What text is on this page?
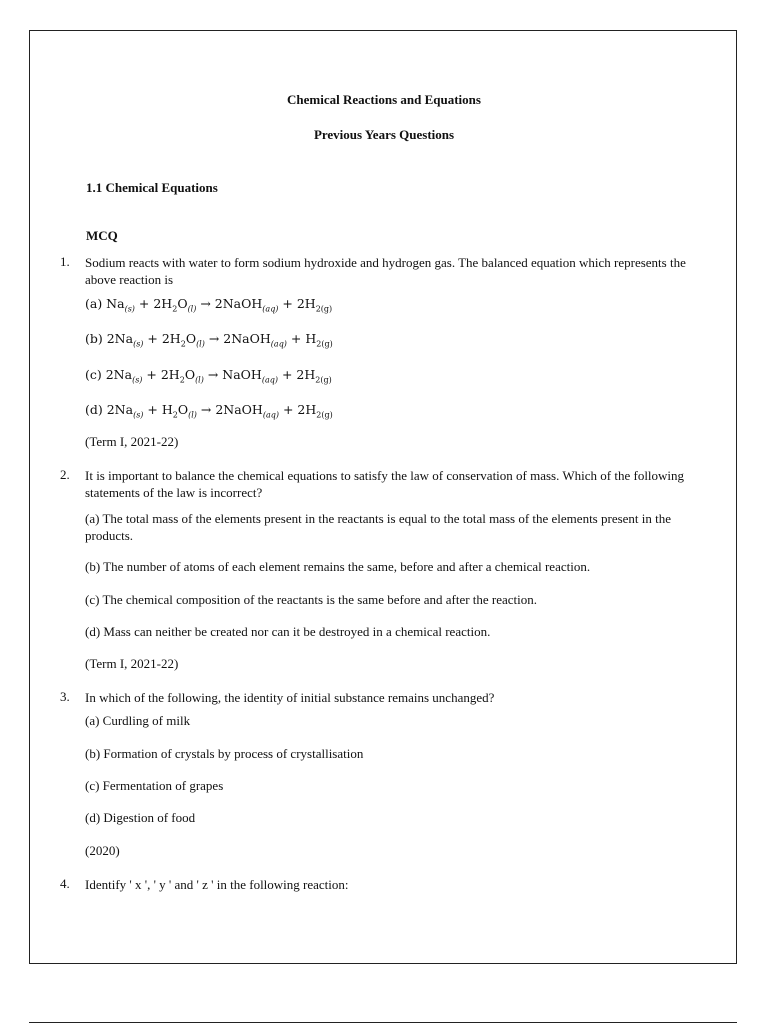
Chemical Reactions and Equations
Previous Years Questions
1.1 Chemical Equations
MCQ
1. Sodium reacts with water to form sodium hydroxide and hydrogen gas. The balanced equation which represents the above reaction is
(a) $Na_{(s)} + 2H_2O_{(l)}$ → 2NaOH$_{(aq)}$ + $2H_{2(g)}$
(b) $2Na_{(s)} + 2H_2O_{(l)}$ → 2NaOH$_{(aq)}$ + $H_{2(g)}$
(c) $2Na_{(s)} + 2H_2O_{(l)}$ → NaOH$_{(aq)}$ + $2H_{2(g)}$
(d) $2Na_{(s)} + H_2O_{(l)}$ → 2NaOH$_{(aq)}$ + $2H_{2(g)}$
(Term I, 2021-22)
2. It is important to balance the chemical equations to satisfy the law of conservation of mass. Which of the following statements of the law is incorrect?
(a) The total mass of the elements present in the reactants is equal to the total mass of the elements present in the products.
(b) The number of atoms of each element remains the same, before and after a chemical reaction.
(c) The chemical composition of the reactants is the same before and after the reaction.
(d) Mass can neither be created nor can it be destroyed in a chemical reaction.
(Term I, 2021-22)
3. In which of the following, the identity of initial substance remains unchanged?
(a) Curdling of milk
(b) Formation of crystals by process of crystallisation
(c) Fermentation of grapes
(d) Digestion of food
(2020)
4. Identify ' x ', ' y ' and ' z ' in the following reaction:
